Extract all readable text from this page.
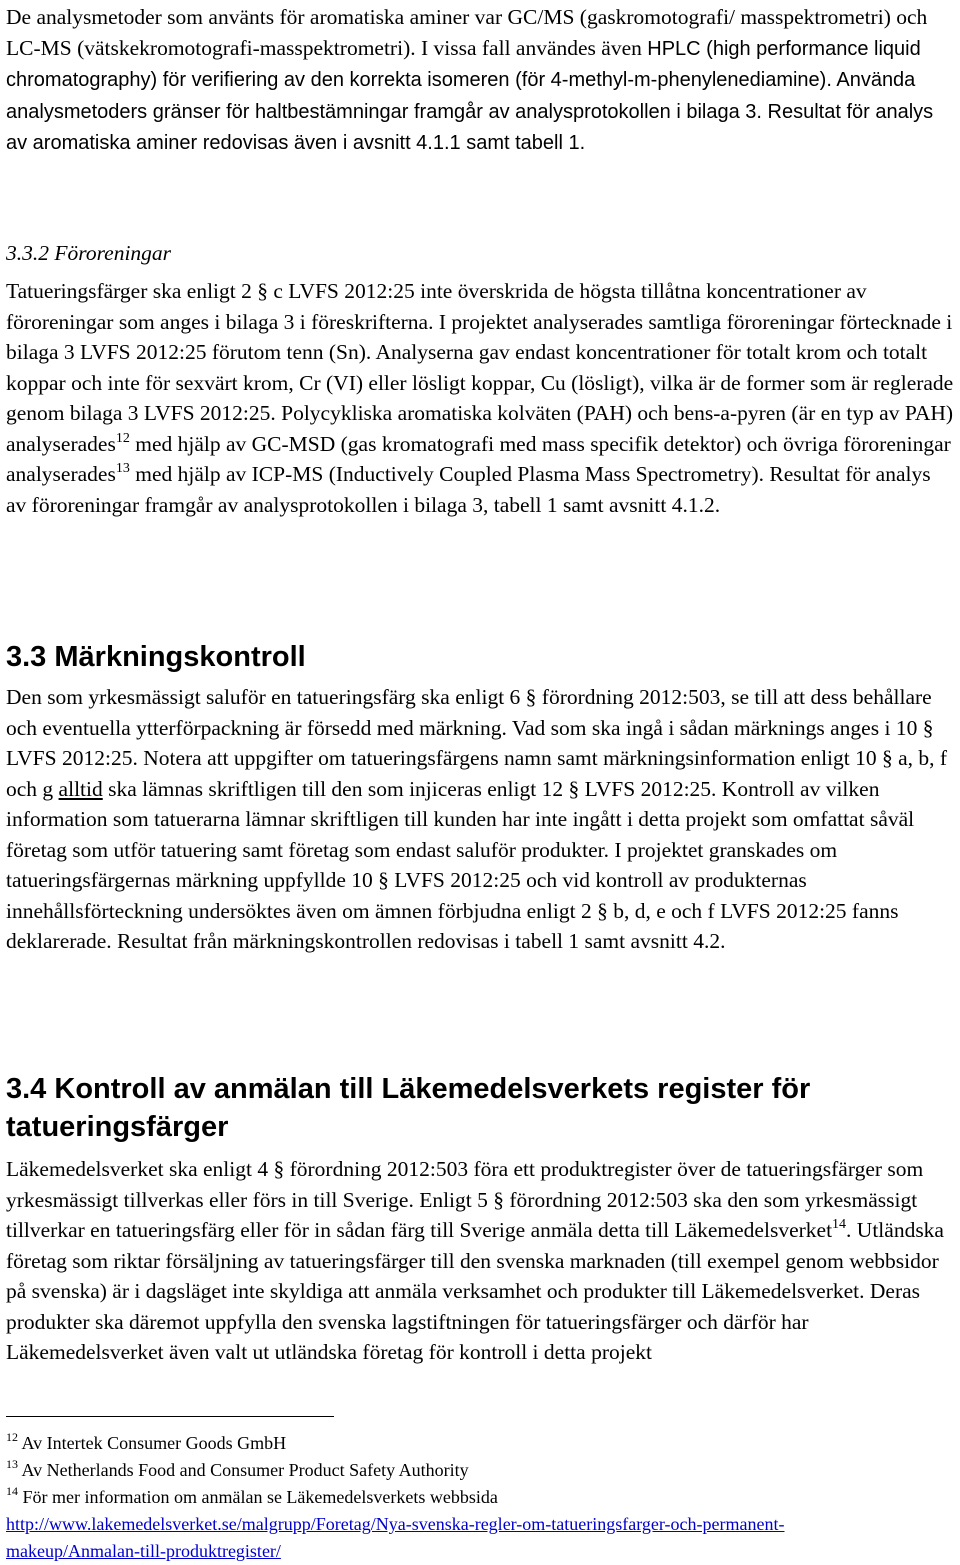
De analysmetoder som använts för aromatiska aminer var GC/MS (gaskromotografi/ masspektrometri) och LC-MS (vätskekromotografi-masspektrometri). I vissa fall användes även HPLC (high performance liquid chromatography) för verifiering av den korrekta isomeren (för 4-methyl-m-phenylenediamine). Använda analysmetoders gränser för haltbestämningar framgår av analysprotokollen i bilaga 3. Resultat för analys av aromatiska aminer redovisas även i avsnitt 4.1.1 samt tabell 1.

3.3.2 Föroreningar

Tatueringsfärger ska enligt 2 § c LVFS 2012:25 inte överskrida de högsta tillåtna koncentrationer av föroreningar som anges i bilaga 3 i föreskrifterna. I projektet analyserades samtliga föroreningar förtecknade i bilaga 3 LVFS 2012:25 förutom tenn (Sn). Analyserna gav endast koncentrationer för totalt krom och totalt koppar och inte för sexvärt krom, Cr (VI) eller lösligt koppar, Cu (lösligt), vilka är de former som är reglerade genom bilaga 3 LVFS 2012:25. Polycykliska aromatiska kolväten (PAH) och bens-a-pyren (är en typ av PAH) analyserades$^{12}$ med hjälp av GC-MSD (gas kromatografi med mass specifik detektor) och övriga föroreningar analyserades$^{13}$ med hjälp av ICP-MS (Inductively Coupled Plasma Mass Spectrometry). Resultat för analys av föroreningar framgår av analysprotokollen i bilaga 3, tabell 1 samt avsnitt 4.1.2.

3.3 Märkningskontroll

Den som yrkesmässigt saluför en tatueringsfärg ska enligt 6 § förordning 2012:503, se till att dess behållare och eventuella ytterförpackning är försedd med märkning. Vad som ska ingå i sådan märknings anges i 10 § LVFS 2012:25. Notera att uppgifter om tatueringsfärgens namn samt märkningsinformation enligt 10 § a, b, f och g alltid ska lämnas skriftligen till den som injiceras enligt 12 § LVFS 2012:25. Kontroll av vilken information som tatuerarna lämnar skriftligen till kunden har inte ingått i detta projekt som omfattat såväl företag som utför tatuering samt företag som endast saluför produkter. I projektet granskades om tatueringsfärgernas märkning uppfyllde 10 § LVFS 2012:25 och vid kontroll av produkternas innehållsförteckning undersöktes även om ämnen förbjudna enligt 2 § b, d, e och f LVFS 2012:25 fanns deklarerade. Resultat från märkningskontrollen redovisas i tabell 1 samt avsnitt 4.2.

3.4 Kontroll av anmälan till Läkemedelsverkets register för tatueringsfärger

Läkemedelsverket ska enligt 4 § förordning 2012:503 föra ett produktregister över de tatueringsfärger som yrkesmässigt tillverkas eller förs in till Sverige. Enligt 5 § förordning 2012:503 ska den som yrkesmässigt tillverkar en tatueringsfärg eller för in sådan färg till Sverige anmäla detta till Läkemedelsverket$^{14}$. Utländska företag som riktar försäljning av tatueringsfärger till den svenska marknaden (till exempel genom webbsidor på svenska) är i dagsläget inte skyldiga att anmäla verksamhet och produkter till Läkemedelsverket. Deras produkter ska däremot uppfylla den svenska lagstiftningen för tatueringsfärger och därför har Läkemedelsverket även valt ut utländska företag för kontroll i detta projekt

$^{12}$ Av Intertek Consumer Goods GmbH
$^{13}$ Av Netherlands Food and Consumer Product Safety Authority
$^{14}$ För mer information om anmälan se Läkemedelsverkets webbsida
http://www.lakemedelsverket.se/malgrupp/Foretag/Nya-svenska-regler-om-tatueringsfarger-och-permanent-makeup/Anmalan-till-produktregister/
